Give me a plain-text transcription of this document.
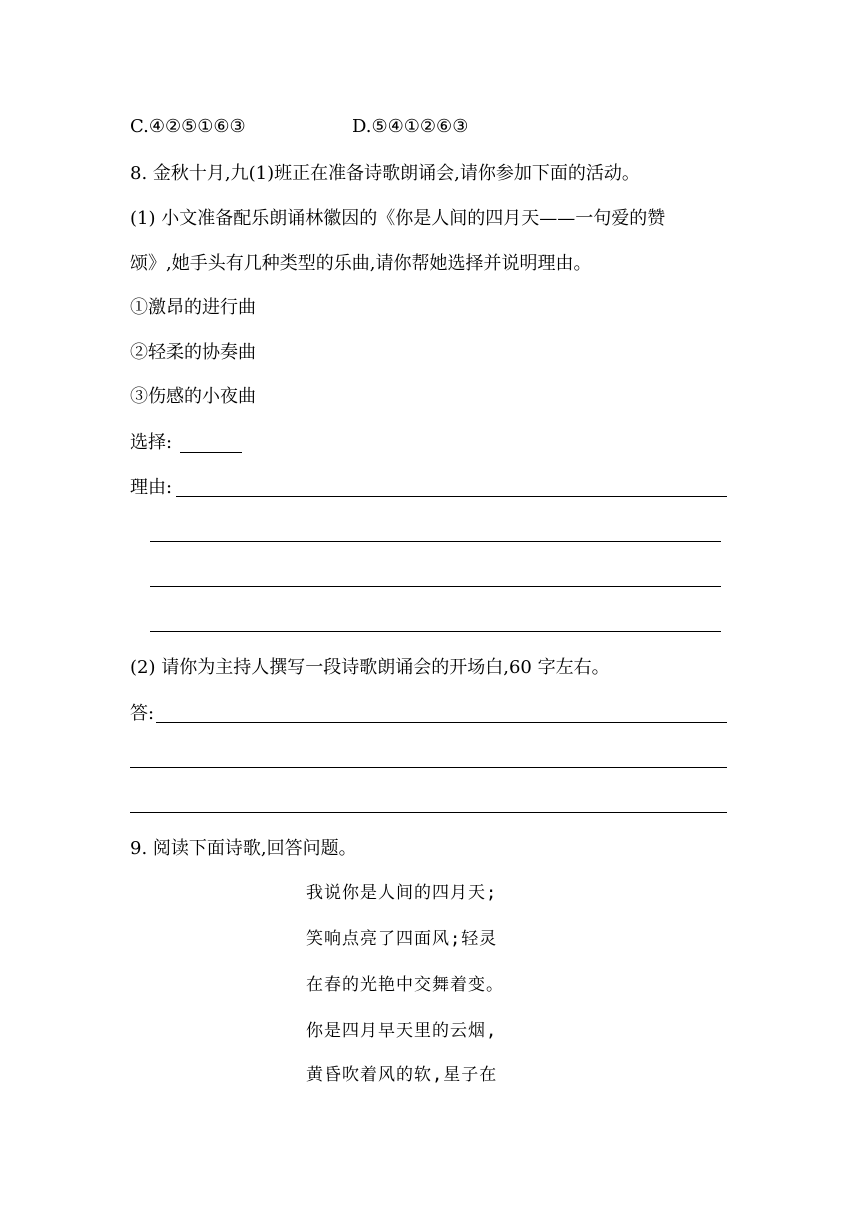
C.④②⑤①⑥③	D.⑤④①②⑥③
8. 金秋十月,九(1)班正在准备诗歌朗诵会,请你参加下面的活动。
(1) 小文准备配乐朗诵林徽因的《你是人间的四月天——一句爱的赞
颂》,她手头有几种类型的乐曲,请你帮她选择并说明理由。
①激昂的进行曲
②轻柔的协奏曲
③伤感的小夜曲
选择:
理由:
(2) 请你为主持人撰写一段诗歌朗诵会的开场白,60 字左右。
答:
9. 阅读下面诗歌,回答问题。
我说你是人间的四月天;
笑响点亮了四面风;轻灵
在春的光艳中交舞着变。
你是四月早天里的云烟,
黄昏吹着风的软,星子在
